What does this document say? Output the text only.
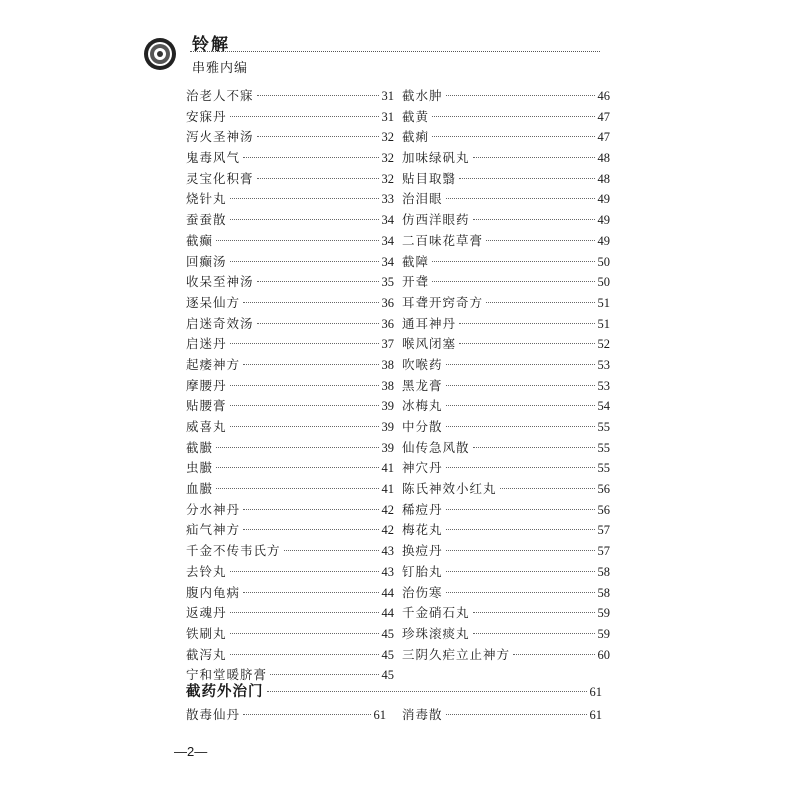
铃解
串雅内编
治老人不寐	31
安寐丹	31
泻火圣神汤	32
鬼毒风气	32
灵宝化积膏	32
烧针丸	33
蚕蚕散	34
截癫	34
回癫汤	34
收呆至神汤	35
逐呆仙方	36
启迷奇效汤	36
启迷丹	37
起痿神方	38
摩腰丹	38
贴腰膏	39
威喜丸	39
截臌	39
虫臌	41
血臌	41
分水神丹	42
疝气神方	42
千金不传韦氏方	43
去铃丸	43
腹内龟病	44
返魂丹	44
铁刷丸	45
截泻丸	45
宁和堂暖脐膏	45
截水肿	46
截黄	47
截痢	47
加味绿矾丸	48
贴目取翳	48
治泪眼	49
仿西洋眼药	49
二百味花草膏	49
截障	50
开聋	50
耳聋开窍奇方	51
通耳神丹	51
喉风闭塞	52
吹喉药	53
黑龙膏	53
冰梅丸	54
中分散	55
仙传急风散	55
神穴丹	55
陈氏神效小红丸	56
稀痘丹	56
梅花丸	57
换痘丹	57
钉胎丸	58
治伤寒	58
千金硝石丸	59
珍珠滚痰丸	59
三阴久疟立止神方	60
截药外治门	61
散毒仙丹	61 消毒散	61
—2—
